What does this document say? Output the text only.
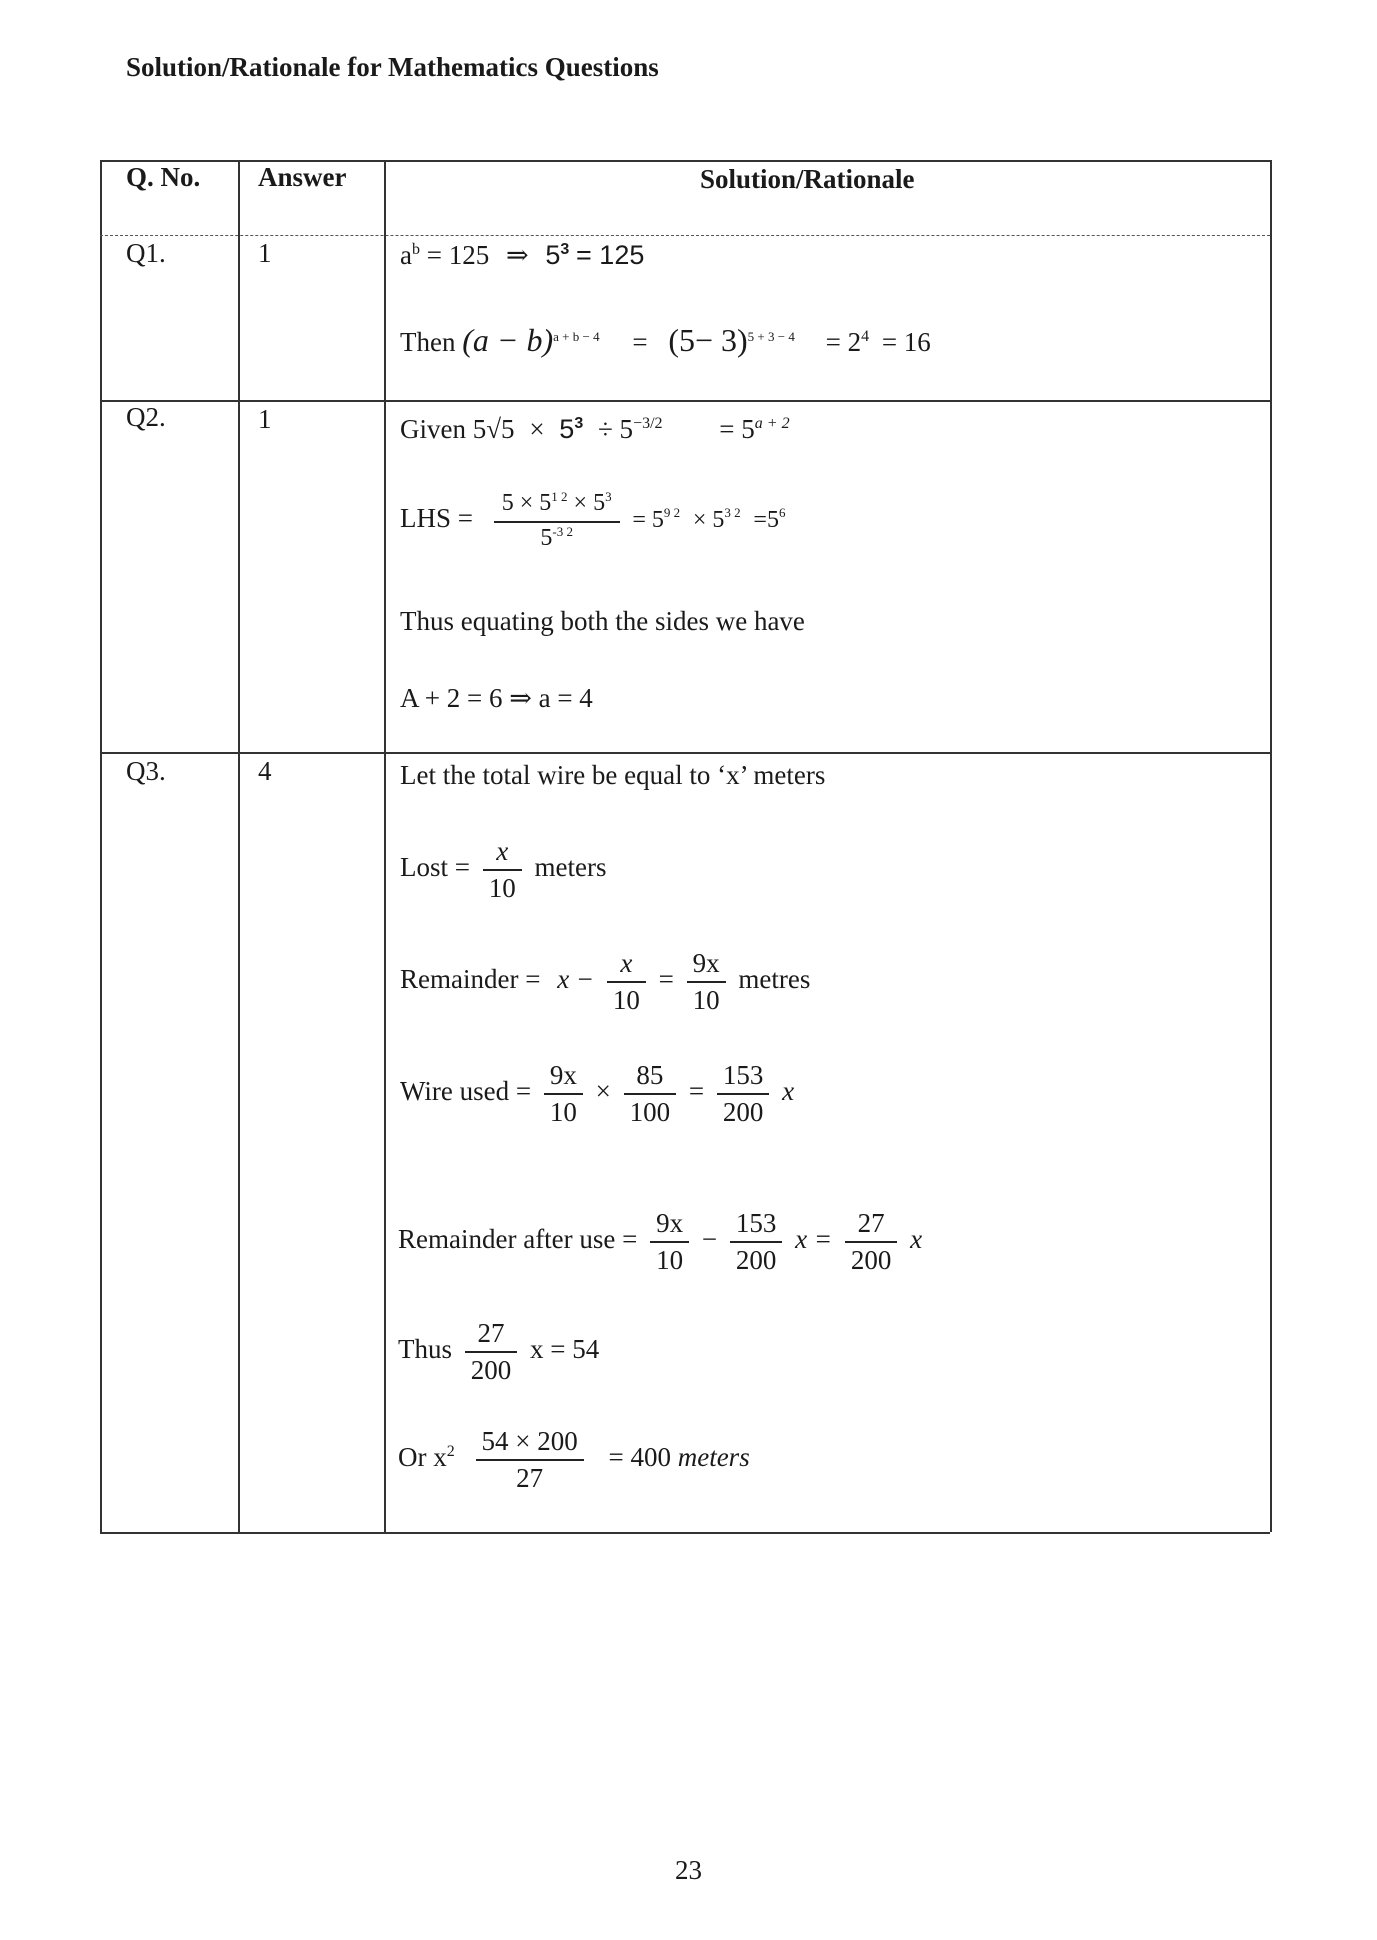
Solution/Rationale for Mathematics Questions
Q. No. Answer	Solution/Rationale
Q1.	1	$a^b = 125$ ⇒ $5^3 = 125$
Then $(a - b)^{a + b - 4} = (5- 3)^{5 + 3 - 4} = 2^4 = 16$
Q2.	1	Given $5√5 \times 5^3 \div 5^{-3/2} = 5^{a + 2}$
LHS = $\frac{5 \times 5^{1 2} \times 5^3}{5^{-3 2}} = 5^{9 2} \times 5^{3 2} =5^6$
Thus equating both the sides we have
A + 2 = 6 ⇒ a = 4
Q3.	4	Let the total wire be equal to ‘x’ meters
Lost = $\frac{x}{10}$ meters
Remainder = $x - \frac{x}{10} = \frac{9x}{10}$ metres
Wire used = $\frac{9x}{10} \times \frac{85}{100} = \frac{153}{200}$ x
Remainder after use = $\frac{9x}{10} - \frac{153}{200}$ $x = \frac{27}{200}$ x
Thus $\frac{27}{200}$ x = 54
Or $x^2 \frac{54 \times 200}{27} = 400$ meters
23
